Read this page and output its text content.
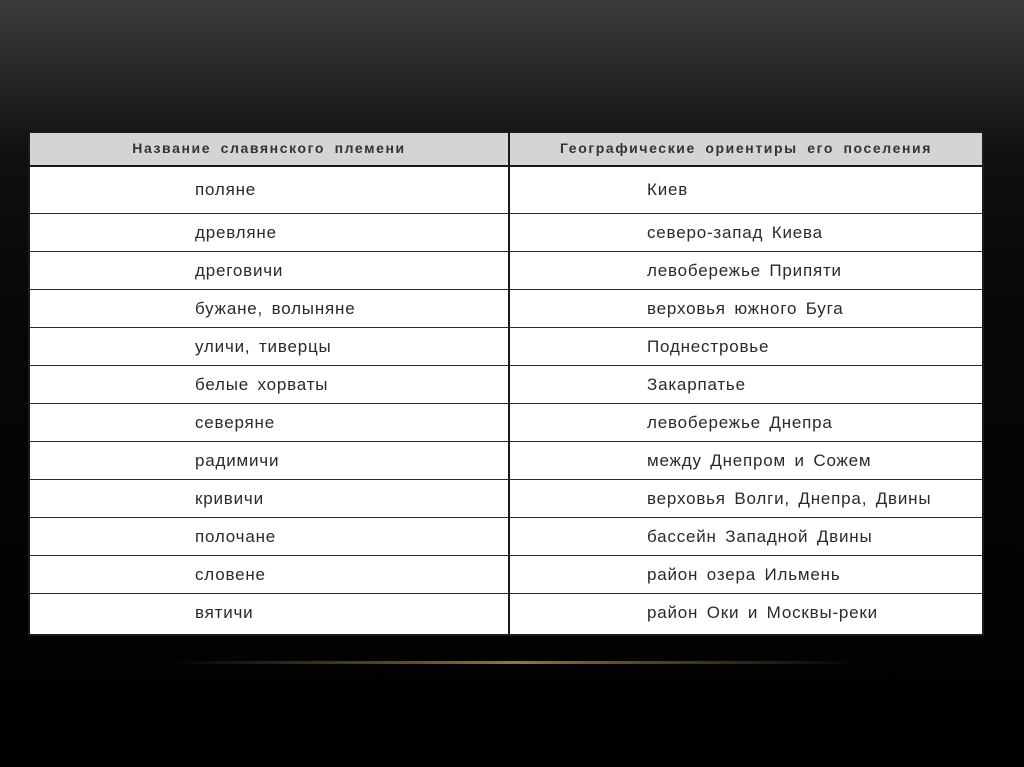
Название славянского племени	Географические ориентиры его поселения
поляне	Киев
древляне	северо-запад Киева
дреговичи	левобережье Припяти
бужане, волыняне	верховья южного Буга
уличи, тиверцы	Поднестровье
белые хорваты	Закарпатье
северяне	левобережье Днепра
радимичи	между Днепром и Сожем
кривичи	верховья Волги, Днепра, Двины
полочане	бассейн Западной Двины
словене	район озера Ильмень
вятичи	район Оки и Москвы-реки
